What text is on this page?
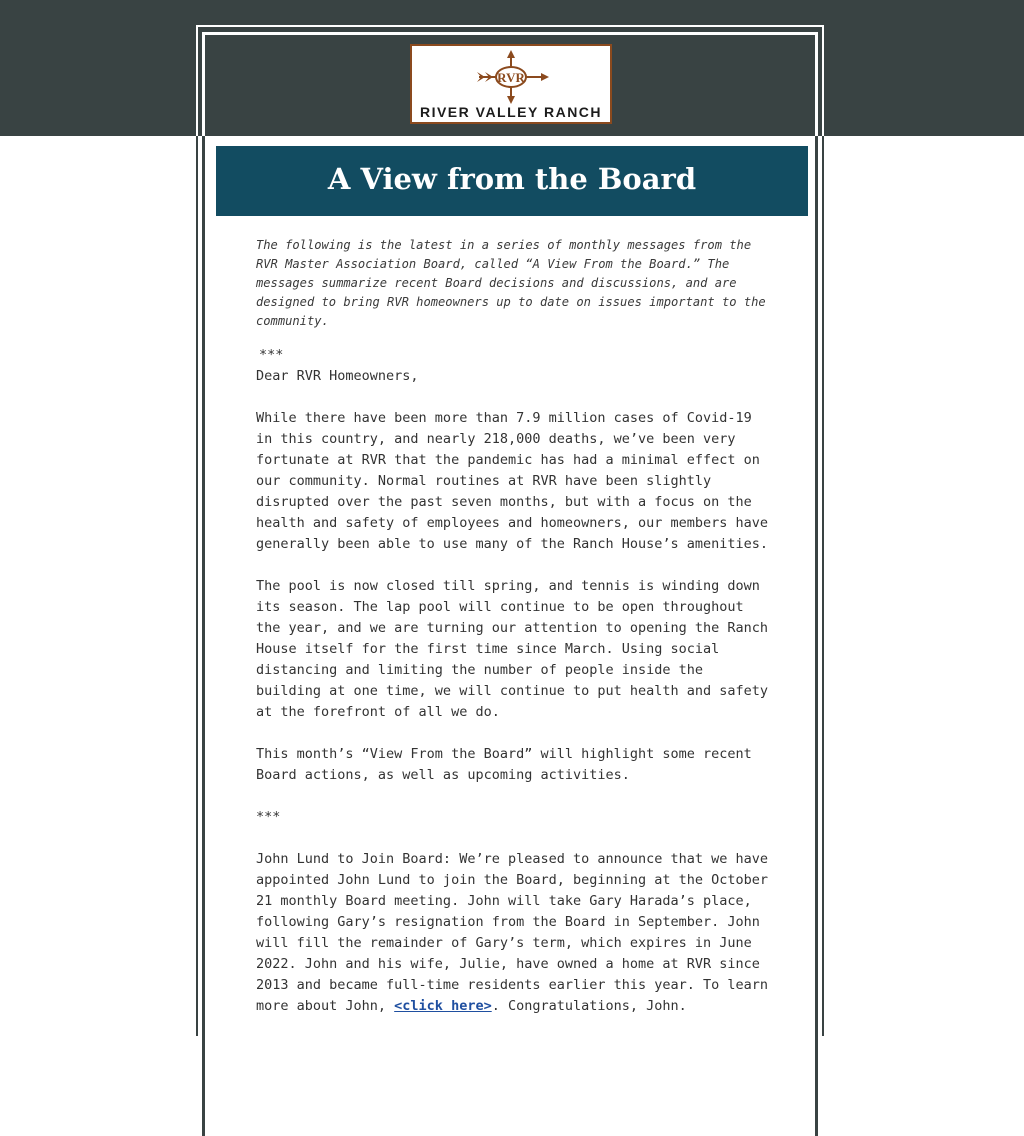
RVR
RIVER VALLEY RANCH
A View from the Board

The following is the latest in a series of monthly messages from the RVR Master Association Board, called “A View From the Board.” The messages summarize recent Board decisions and discussions, and are designed to bring RVR homeowners up to date on issues important to the community.

***

Dear RVR Homeowners,

While there have been more than 7.9 million cases of Covid-19 in this country, and nearly 218,000 deaths, we’ve been very fortunate at RVR that the pandemic has had a minimal effect on our community. Normal routines at RVR have been slightly disrupted over the past seven months, but with a focus on the health and safety of employees and homeowners, our members have generally been able to use many of the Ranch House’s amenities.

The pool is now closed till spring, and tennis is winding down its season. The lap pool will continue to be open throughout the year, and we are turning our attention to opening the Ranch House itself for the first time since March. Using social distancing and limiting the number of people inside the building at one time, we will continue to put health and safety at the forefront of all we do.

This month’s “View From the Board” will highlight some recent Board actions, as well as upcoming activities.

***

John Lund to Join Board: We’re pleased to announce that we have appointed John Lund to join the Board, beginning at the October 21 monthly Board meeting. John will take Gary Harada’s place, following Gary’s resignation from the Board in September. John will fill the remainder of Gary’s term, which expires in June 2022. John and his wife, Julie, have owned a home at RVR since 2013 and became full-time residents earlier this year. To learn more about John, <click here>. Congratulations, John.
